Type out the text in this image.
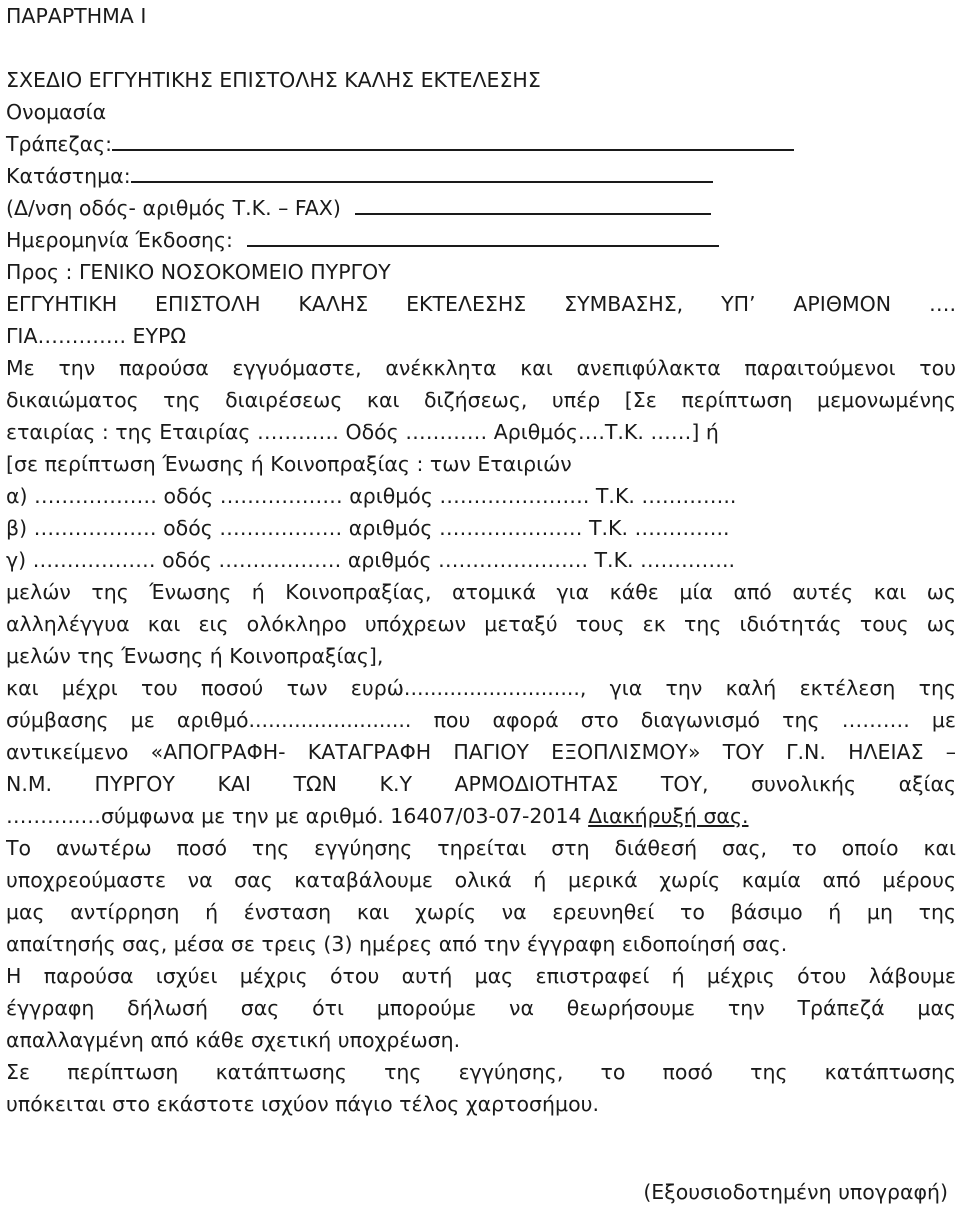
ΠΑΡΑΡΤΗΜΑ Ι
ΣΧΕΔΙΟ ΕΓΓΥΗΤΙΚΗΣ ΕΠΙΣΤΟΛΗΣ ΚΑΛΗΣ ΕΚΤΕΛΕΣΗΣ
Ονομασία
Τράπεζας:
Κατάστημα:
(Δ/νση οδός- αριθμός Τ.Κ. – FAX)
Ημερομηνία Έκδοσης:
Προς : ΓΕΝΙΚΟ ΝΟΣΟΚΟΜΕΙΟ ΠΥΡΓΟΥ
ΕΓΓΥΗΤΙΚΗ ΕΠΙΣΤΟΛΗ ΚΑΛΗΣ ΕΚΤΕΛΕΣΗΣ ΣΥΜΒΑΣΗΣ, ΥΠ’ ΑΡΙΘΜΟΝ ….
ΓΙΑ…………. ΕΥΡΩ
Με την παρούσα εγγυόμαστε, ανέκκλητα και ανεπιφύλακτα παραιτούμενοι του
δικαιώματος της διαιρέσεως και διζήσεως, υπέρ [Σε περίπτωση μεμονωμένης
εταιρίας : της Εταιρίας ………… Οδός ………… Αριθμός….Τ.Κ. ……] ή
[σε περίπτωση Ένωσης ή Κοινοπραξίας : των Εταιριών
α) ……………… οδός ……………… αριθμός …………………. Τ.Κ. …………..
β) ……………… οδός ……………… αριθμός ………………… Τ.Κ. …………..
γ) ……………… οδός ……………… αριθμός …………………. Τ.Κ. …………..
μελών της Ένωσης ή Κοινοπραξίας, ατομικά για κάθε μία από αυτές και ως
αλληλέγγυα και εις ολόκληρο υπόχρεων μεταξύ τους εκ της ιδιότητάς τους ως
μελών της Ένωσης ή Κοινοπραξίας],
και μέχρι του ποσού των ευρώ..........................., για την καλή εκτέλεση της
σύμβασης με αριθμό......................... που αφορά στο διαγωνισμό της ………. με
αντικείμενο «ΑΠΟΓΡΑΦΗ- ΚΑΤΑΓΡΑΦΗ ΠΑΓΙΟΥ ΕΞΟΠΛΙΣΜΟΥ» ΤΟΥ Γ.Ν. ΗΛΕΙΑΣ –
Ν.Μ. ΠΥΡΓΟΥ ΚΑΙ ΤΩΝ Κ.Υ ΑΡΜΟΔΙΟΤΗΤΑΣ ΤΟΥ, συνολικής αξίας
………..…σύμφωνα με την με αριθμό. 16407/03-07-2014 Διακήρυξή σας.
Το ανωτέρω ποσό της εγγύησης τηρείται στη διάθεσή σας, το οποίο και
υποχρεούμαστε να σας καταβάλουμε ολικά ή μερικά χωρίς καμία από μέρους
μας αντίρρηση ή ένσταση και χωρίς να ερευνηθεί το βάσιμο ή μη της
απαίτησής σας, μέσα σε τρεις (3) ημέρες από την έγγραφη ειδοποίησή σας.
Η παρούσα ισχύει μέχρις ότου αυτή μας επιστραφεί ή μέχρις ότου λάβουμε
έγγραφη δήλωσή σας ότι μπορούμε να θεωρήσουμε την Τράπεζά μας
απαλλαγμένη από κάθε σχετική υποχρέωση.
Σε περίπτωση κατάπτωσης της εγγύησης, το ποσό της κατάπτωσης
υπόκειται στο εκάστοτε ισχύον πάγιο τέλος χαρτοσήμου.
(Εξουσιοδοτημένη υπογραφή)
